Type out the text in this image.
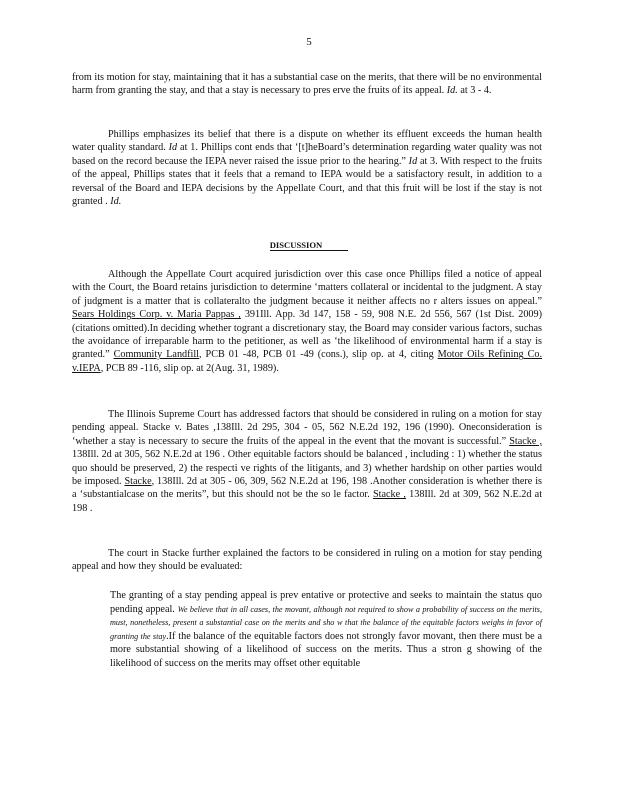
5
from its motion for stay, maintaining that it has a substantial case on the merits, that there will be no environmental harm from granting the stay, and that a stay is necessary to pres erve the fruits of its appeal. Id. at 3 - 4.
Phillips emphasizes its belief that there is a dispute on whether its effluent exceeds the human health water quality standard. Id at 1. Phillips cont ends that ‘[t]heBoard’s determination regarding water quality was not based on the record because the IEPA never raised the issue prior to the hearing.” Id at 3. With respect to the fruits of the appeal, Phillips states that it feels that a remand to IEPA would be a satisfactory result, in addition to a reversal of the Board and IEPA decisions by the Appellate Court, and that this fruit will be lost if the stay is not granted . Id.
DISCUSSION
Although the Appellate Court acquired jurisdiction over this case once Phillips filed a notice of appeal with the Court, the Board retains jurisdiction to determine ‘matters collateral or incidental to the judgment. A stay of judgment is a matter that is collateralto the judgment because it neither affects no r alters issues on appeal.” Sears Holdings Corp. v. Maria Pappas , 391Ill. App. 3d 147, 158 - 59, 908 N.E. 2d 556, 567 (1st Dist. 2009) (citations omitted).In deciding whether togrant a discretionary stay, the Board may consider various factors, suchas the avoidance of irreparable harm to the petitioner, as well as ‘the likelihood of environmental harm if a stay is granted.” Community Landfill, PCB 01 -48, PCB 01 -49 (cons.), slip op. at 4, citing Motor Oils Refining Co. v.IEPA, PCB 89 -116, slip op. at 2(Aug. 31, 1989).
The Illinois Supreme Court has addressed factors that should be considered in ruling on a motion for stay pending appeal. Stacke v. Bates ,138Ill. 2d 295, 304 - 05, 562 N.E.2d 192, 196 (1990). Oneconsideration is ‘whether a stay is necessary to secure the fruits of the appeal in the event that the movant is successful.” Stacke , 138Ill. 2d at 305, 562 N.E.2d at 196 . Other equitable factors should be balanced , including : 1) whether the status quo should be preserved, 2) the respecti ve rights of the litigants, and 3) whether hardship on other parties would be imposed. Stacke, 138Ill. 2d at 305 - 06, 309, 562 N.E.2d at 196, 198 .Another consideration is whether there is a ‘substantialcase on the merits”, but this should not be the so le factor. Stacke , 138Ill. 2d at 309, 562 N.E.2d at 198 .
The court in Stacke further explained the factors to be considered in ruling on a motion for stay pending appeal and how they should be evaluated:
The granting of a stay pending appeal is prev entative or protective and seeks to maintain the status quo pending appeal. We believe that in all cases, the movant, although not required to show a probability of success on the merits, must, nonetheless, present a substantial case on the merits and sho w that the balance of the equitable factors weighs in favor of granting the stay.If the balance of the equitable factors does not strongly favor movant, then there must be a more substantial showing of a likelihood of success on the merits. Thus a stron g showing of the likelihood of success on the merits may offset other equitable
